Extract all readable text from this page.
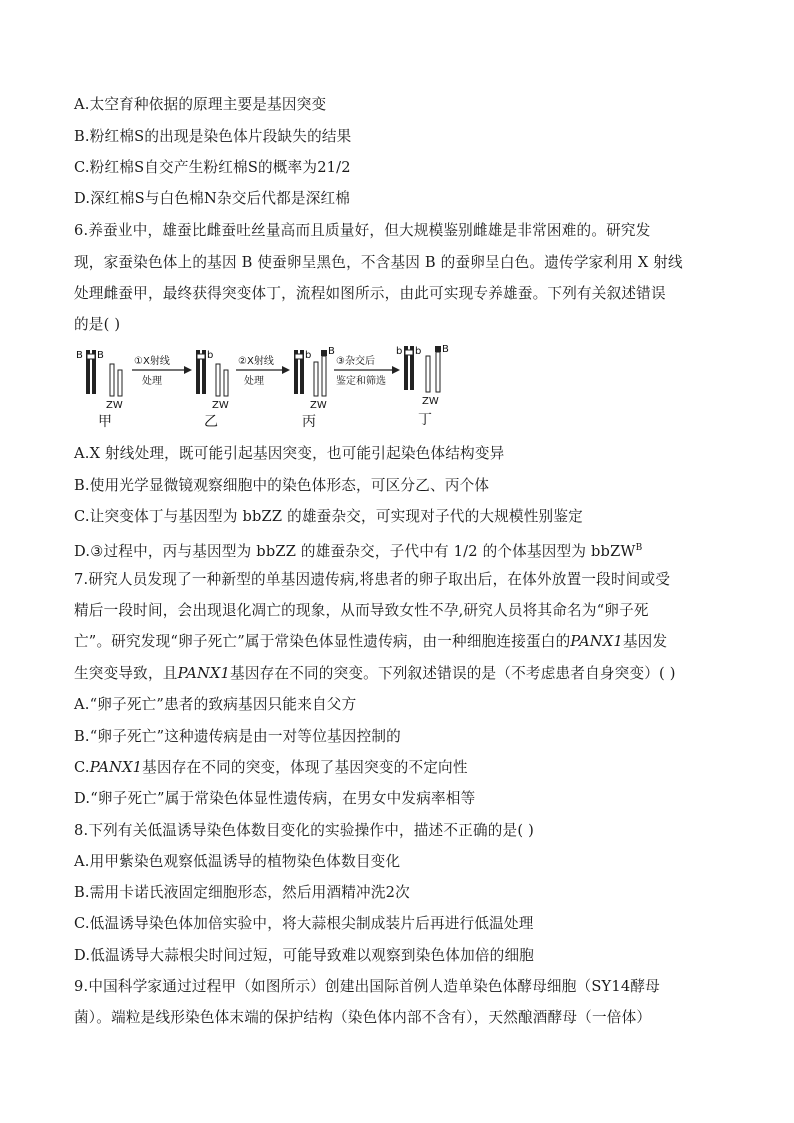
A.太空育种依据的原理主要是基因突变
B.粉红棉S的出现是染色体片段缺失的结果
C.粉红棉S自交产生粉红棉S的概率为21/2
D.深红棉S与白色棉N杂交后代都是深红棉
6.养蚕业中，雄蚕比雌蚕吐丝量高而且质量好，但大规模鉴别雌雄是非常困难的。研究发
现，家蚕染色体上的基因 B 使蚕卵呈黑色，不含基因 B 的蚕卵呈白色。遗传学家利用 X 射线
处理雌蚕甲，最终获得突变体丁，流程如图所示，由此可实现专养雄蚕。下列有关叙述错误
的是( )
B B
ZW
甲
①X射线
处理
b
ZW
乙
②X射线
处理
b B
ZW
丙
③杂交后
鉴定和筛选
b b B
ZW
丁
A.X 射线处理，既可能引起基因突变，也可能引起染色体结构变异
B.使用光学显微镜观察细胞中的染色体形态，可区分乙、丙个体
C.让突变体丁与基因型为 bbZZ 的雄蚕杂交，可实现对子代的大规模性别鉴定
D.③过程中，丙与基因型为 bbZZ 的雄蚕杂交，子代中有 1/2 的个体基因型为 bbZW$^B$
7.研究人员发现了一种新型的单基因遗传病,将患者的卵子取出后，在体外放置一段时间或受
精后一段时间，会出现退化凋亡的现象，从而导致女性不孕,研究人员将其命名为“卵子死
亡”。研究发现“卵子死亡”属于常染色体显性遗传病，由一种细胞连接蛋白的PANX1基因发
生突变导致，且PANX1基因存在不同的突变。下列叙述错误的是（不考虑患者自身突变）( )
A.“卵子死亡”患者的致病基因只能来自父方
B.“卵子死亡”这种遗传病是由一对等位基因控制的
C.PANX1基因存在不同的突变，体现了基因突变的不定向性
D.“卵子死亡”属于常染色体显性遗传病，在男女中发病率相等
8.下列有关低温诱导染色体数目变化的实验操作中，描述不正确的是( )
A.用甲紫染色观察低温诱导的植物染色体数目变化
B.需用卡诺氏液固定细胞形态，然后用酒精冲洗2次
C.低温诱导染色体加倍实验中，将大蒜根尖制成装片后再进行低温处理
D.低温诱导大蒜根尖时间过短，可能导致难以观察到染色体加倍的细胞
9.中国科学家通过过程甲（如图所示）创建出国际首例人造单染色体酵母细胞（SY14酵母
菌）。端粒是线形染色体末端的保护结构（染色体内部不含有），天然酿酒酵母（一倍体）
